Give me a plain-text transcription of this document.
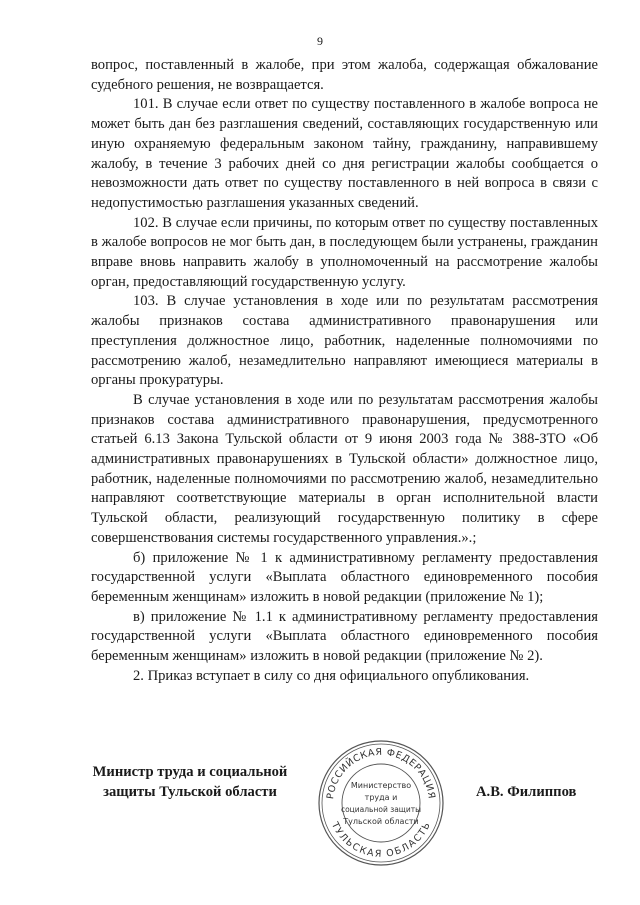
9

вопрос, поставленный в жалобе, при этом жалоба, содержащая обжалование судебного решения, не возвращается.

101. В случае если ответ по существу поставленного в жалобе вопроса не может быть дан без разглашения сведений, составляющих государственную или иную охраняемую федеральным законом тайну, гражданину, направившему жалобу, в течение 3 рабочих дней со дня регистрации жалобы сообщается о невозможности дать ответ по существу поставленного в ней вопроса в связи с недопустимостью разглашения указанных сведений.

102. В случае если причины, по которым ответ по существу поставленных в жалобе вопросов не мог быть дан, в последующем были устранены, гражданин вправе вновь направить жалобу в уполномоченный на рассмотрение жалобы орган, предоставляющий государственную услугу.

103. В случае установления в ходе или по результатам рассмотрения жалобы признаков состава административного правонарушения или преступления должностное лицо, работник, наделенные полномочиями по рассмотрению жалоб, незамедлительно направляют имеющиеся материалы в органы прокуратуры.

В случае установления в ходе или по результатам рассмотрения жалобы признаков состава административного правонарушения, предусмотренного статьей 6.13 Закона Тульской области от 9 июня 2003 года № 388-ЗТО «Об административных правонарушениях в Тульской области» должностное лицо, работник, наделенные полномочиями по рассмотрению жалоб, незамедлительно направляют соответствующие материалы в орган исполнительной власти Тульской области, реализующий государственную политику в сфере совершенствования системы государственного управления.».;

б) приложение № 1 к административному регламенту предоставления государственной услуги «Выплата областного единовременного пособия беременным женщинам» изложить в новой редакции (приложение № 1);

в) приложение № 1.1 к административному регламенту предоставления государственной услуги «Выплата областного единовременного пособия беременным женщинам» изложить в новой редакции (приложение № 2).

2. Приказ вступает в силу со дня официального опубликования.

Министр труда и социальной
защиты Тульской области	РОССИЙСКАЯ ФЕДЕРАЦИЯ
ТУЛЬСКАЯ ОБЛАСТЬ
Министерство
труда и
социальной защиты
Тульской области
А.В. Филиппов
